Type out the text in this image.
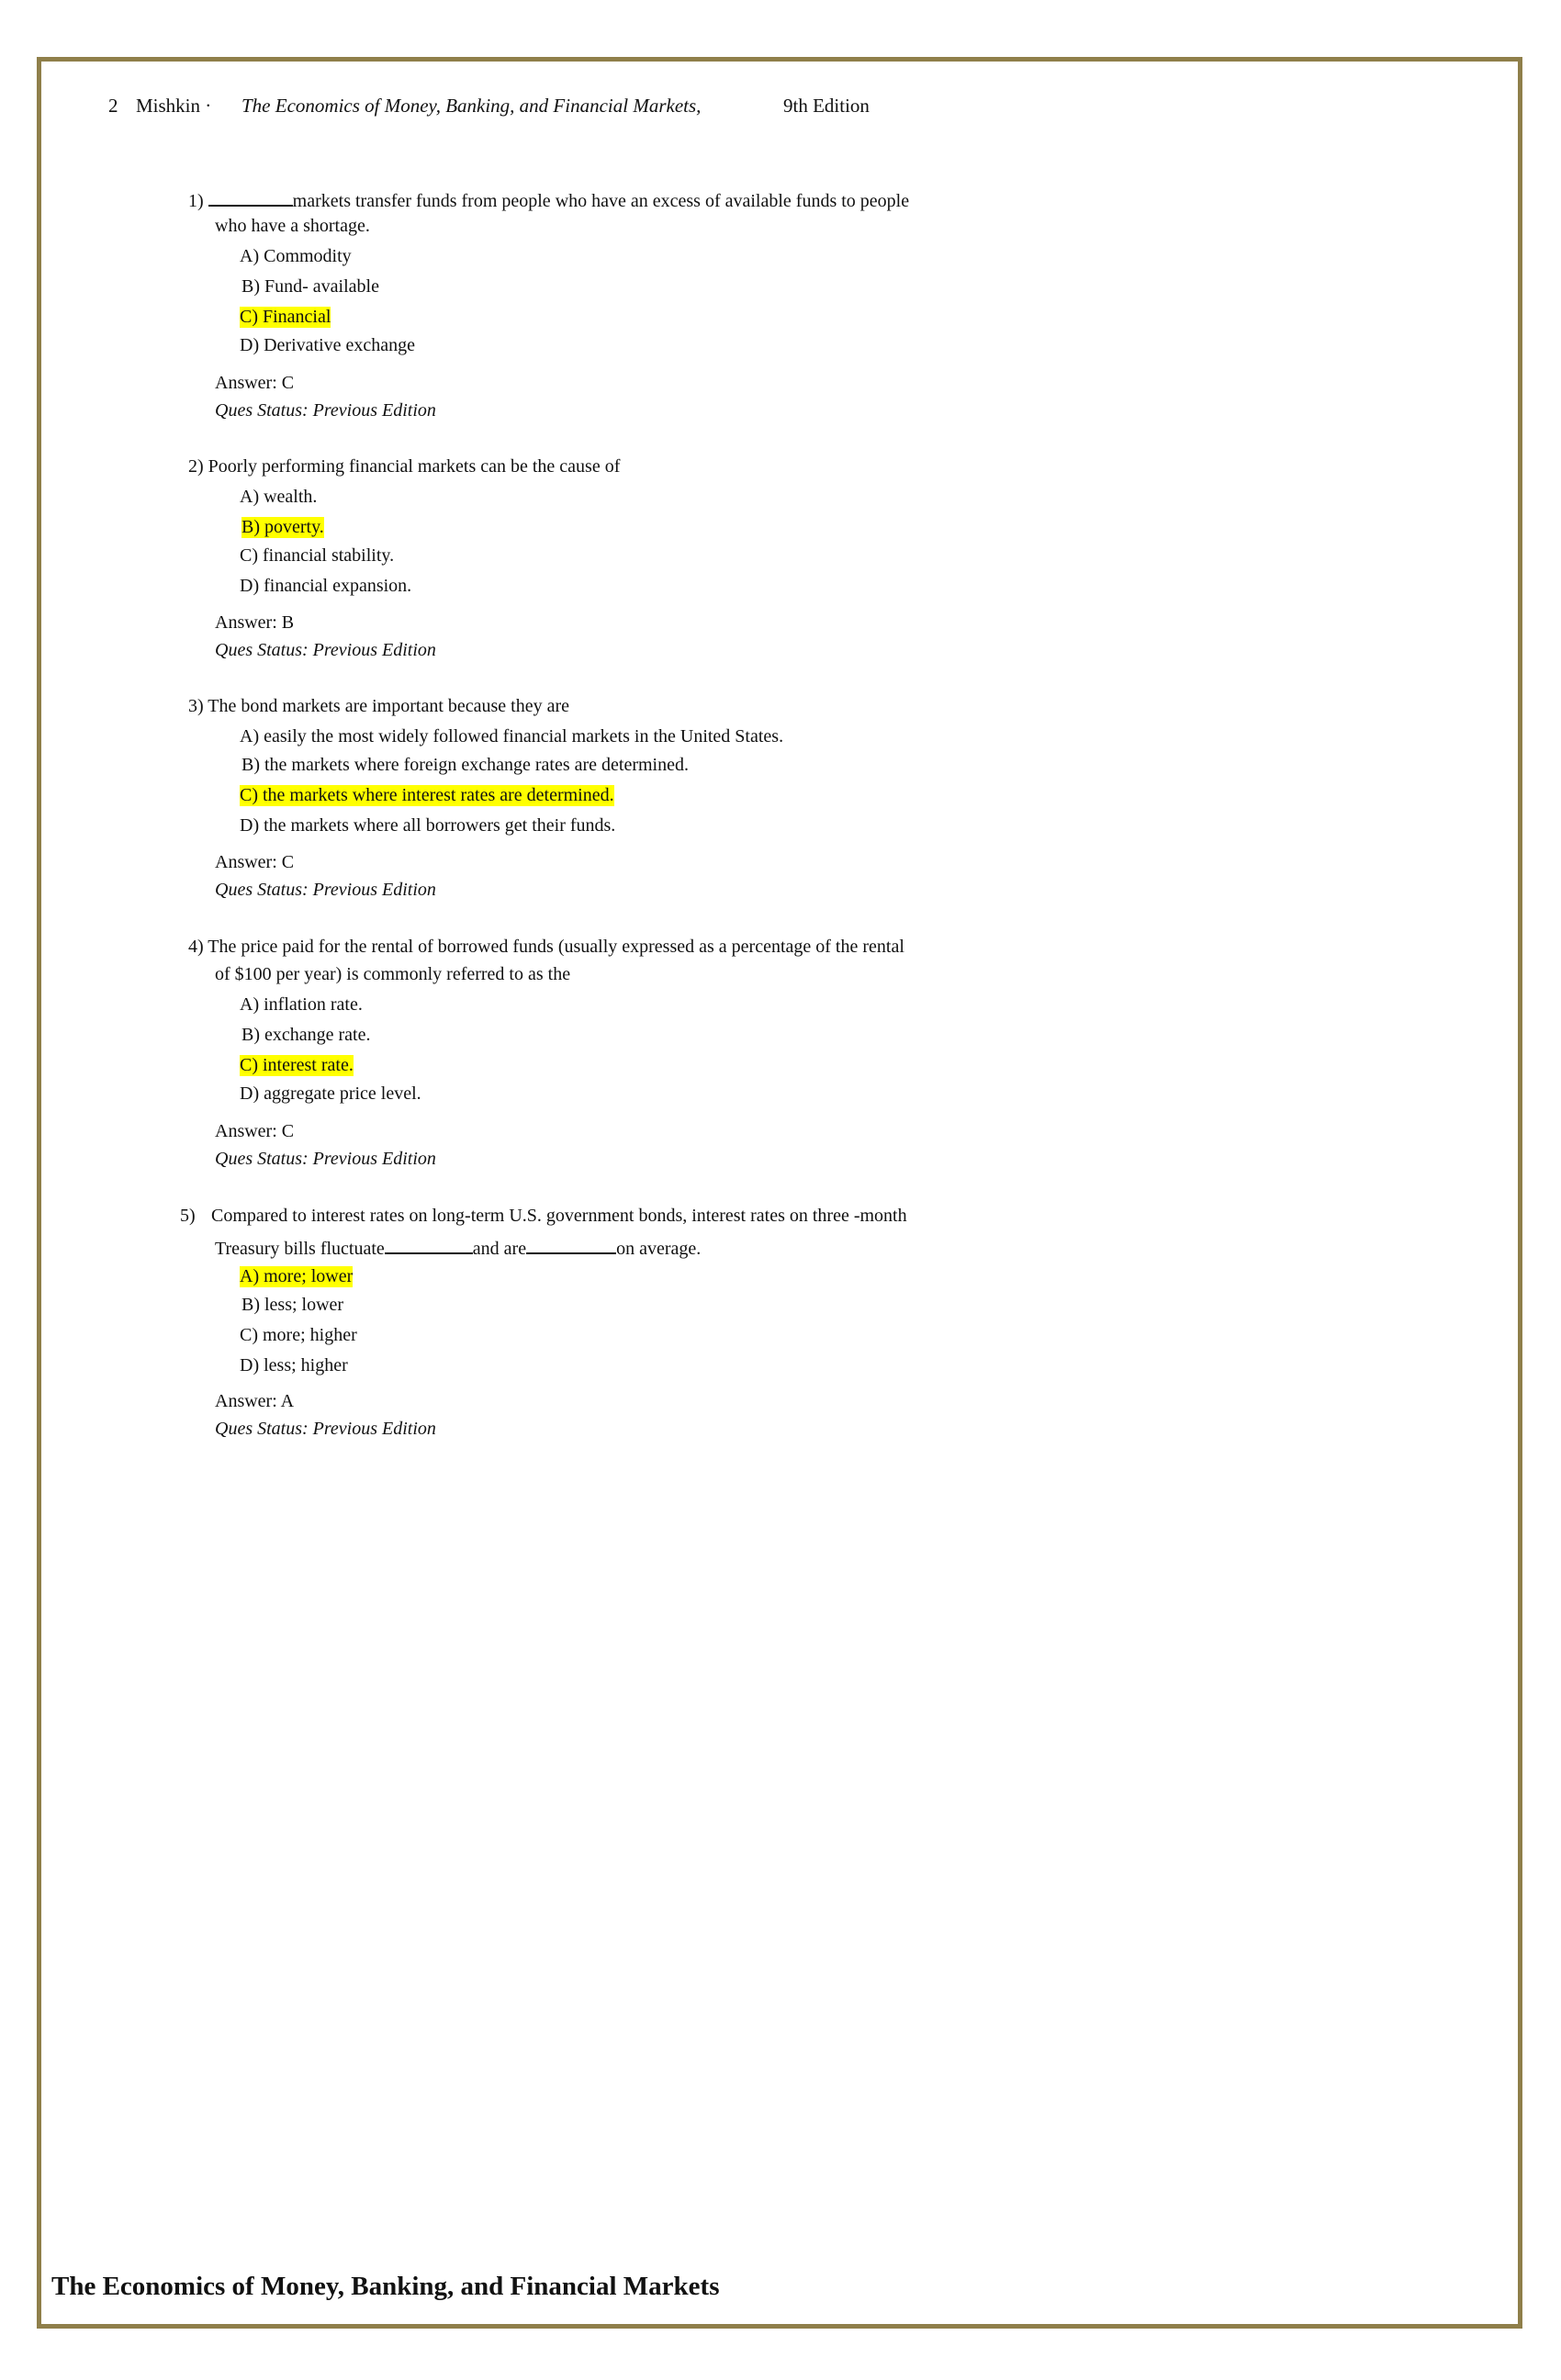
2 Mishkin · The Economics of Money, Banking, and Financial Markets,	9th Edition
1)	markets transfer funds from people who have an excess of available funds to people
who have a shortage.
A) Commodity
B) Fund- available
C) Financial
D) Derivative exchange
Answer: C
Ques Status: Previous Edition
2) Poorly performing financial markets can be the cause of
A) wealth.
B) poverty.
C) financial stability.
D) financial expansion.
Answer: B
Ques Status: Previous Edition
3) The bond markets are important because they are
A) easily the most widely followed financial markets in the United States.
B) the markets where foreign exchange rates are determined.
C) the markets where interest rates are determined.
D) the markets where all borrowers get their funds.
Answer: C
Ques Status: Previous Edition
4) The price paid for the rental of borrowed funds (usually expressed as a percentage of the rental
of $100 per year) is commonly referred to as the
A) inflation rate.
B) exchange rate.
C) interest rate.
D) aggregate price level.
Answer: C
Ques Status: Previous Edition
5) Compared to interest rates on long-term U.S. government bonds, interest rates on three -month
Treasury bills fluctuate	and are	on average.
A) more; lower
B) less; lower
C) more; higher
D) less; higher
Answer: A
Ques Status: Previous Edition
The Economics of Money, Banking, and Financial Markets
